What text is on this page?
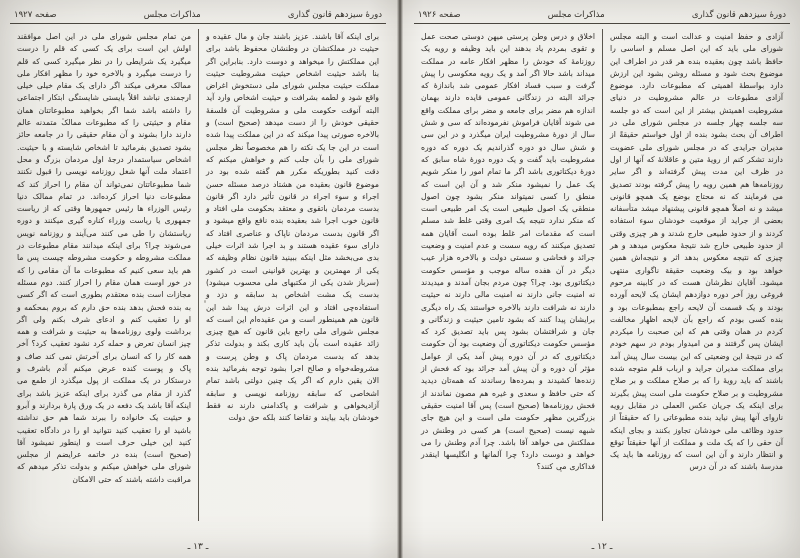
دورۀ سیزدهم قانون گذاری
مذاکرات مجلس
صفحه ۱۹۲۷
برای اینکه آقا باشند. عزیز باشند جان و مال عقیده و حیثیت در مملکتشان در وطنشان محفوظ باشد برای این مملکتش را میخواهد و دوست دارد. بنابراین اگر بنا باشد حیثیت اشخاص حیثیت مشروطیت حیثیت مملکت حیثیت مجلس شورای ملی دستخوش اغراض واقع شود و لطمه بشرافت و حیثیت اشخاص وارد آید البته آنوقت حکومت ملی و مشروطیت آن فلسفهٔ حقیقی خودش را از دست میدهد (صحیح است) و بالاخره صورتی پیدا میکند که در این مملکت پیدا شده است در این جا یک نکته را هم مخصوصاً نظر مجلس شورای ملی را بآن جلب کنم و خواهش میکنم که دقت کنید بطوریکه مکرر هم گفته شده بود در موضوع قانون بعقیده من هشتاد درصد مسئله حسن اجراء و سوء اجراء در قانون تأثیر دارد اگر قانون بدست مردمان باتقوی و معتقد بحکومت ملی افتاد و قانون خوب اجرا شد بعقیده بنده نافع واقع میشود و اگر قانون بدست مردمان ناپاک و عناصری افتاد که دارای سوء عقیده هستند و بد اجرا شد اثرات خیلی بدی می‌بخشد مثل اینکه ببینید قانون نظام وظیفه که یکی از مهمترین و بهترین قوانینی است در کشور (سرباز شدن یکی از مکتبهای ملی محسوب میشود) بدست یک مشت اشخاص بد سابقه و دزد و استفاده‌چی افتاد و این اثرات درش پیدا شد این قانون هم همینطور است و من عقیده‌ام این است که مجلس شورای ملی راجع باین قانون که هیچ چیزی زائد عقیده است بآن باید کاری بکند و بدولت تذکر بدهد که بدست مردمان پاک و وطن پرست و مشروطه‌خواه و صالح اجرا بشود توجه بفرمائید بنده الان یقین دارم که اگر یک چنین دولتی باشد تمام اشخاصی که سابقه روزنامه نویسی و سابقه آزادیخواهی و شرافت و پاکدامنی دارند نه فقط خودشان باید بیایند و تقاضا کنند بلکه حق دولت
من تمام مجلس شورای ملی در این اصل موافقند اولش این است برای یک کسی که قلم را درست میگیرد یک شرایطی را در نظر میگیرد کسی که قلم را درست میگیرد و بالاخره خود را مظهر افکار ملی ممالک معرفی میکند اگر دارای یک مقام خیلی خیلی ارجمندی نباشد اقلاً بایستی شایستگی ابتکار اجتماعی را داشته باشد شما اگر بخواهید مطبوعاتتان همان مقام و حیثیتی را که مطبوعات ممالک متمدنه عالم دارند دارا بشوند و آن مقام حقیقی را در جامعه حائز بشود تصدیق بفرمائید تا اشخاص شایسته و با حیثیت. اشخاص سیاستمدار درجهٔ اول مردمان بزرگ و محل اعتماد ملت آنها شغل روزنامه نویسی را قبول نکنند شما مطبوعاتتان نمی‌تواند آن مقام را احراز کند که مطبوعات دنیا احراز کرده‌اند. در تمام ممالک دنیا رئیس الوزراء ها رئیس جمهورها وقتی که از ریاست جمهوری یا ریاست وزراء کناره گیری میکنند و دوره ریاستشان را طی می کنند می‌آیند و روزنامه نویس می‌شوند چرا؟ برای اینکه میدانند مقام مطبوعات در مملکت مشروطه و حکومت مشروطه چیست پس ما هم باید سعی کنیم که مطبوعات ما آن مقامی را که در خور اوست همان مقام را احراز کنند. دوم مسئله مجازات است بنده معتقدم بطوری است که اگر کسی به بنده فحش بدهد بنده حق دارم که بروم بمحکمه و او را تعقیب کنم و ادعای شرف بکنم ولی اگر برداشت ولوی روزنامه‌ها به حیثیت و شرافت و همه چیز انسان تعرض و حمله کرد نشود تعقیب کرد؟ آخر همه کار را که انسان برای آخرتش نمی کند صاف و پاک و پوست کنده عرض میکنم آدم باشرف و درستکار در یک مملکت از پول میگذرد از طمع می گذرد از مقام می گذرد برای اینکه عزیز باشد برای اینکه آقا باشد یک دفعه در یک ورق پارهٔ بردارند و آبرو و حیثیت یک خانواده را ببرند شما هم حق نداشته باشید او را تعقیب کنید نتوانید او را در دادگاه تعقیب کنید این خیلی حرف است و اینطور نمیشود آقا (صحیح است) بنده در خاتمه عرایضم از مجلس شورای ملی خواهش میکنم و بدولت تذکر میدهم که مراقبت داشته باشند که حتی الامکان
ـ ۱۳ ـ
دورۀ سیزدهم قانون گذاری
مذاکرات مجلس
صفحه ۱۹۲۶
آزادی و حفظ امنیت و عدالت است و البته مجلس شورای ملی باید که این اصل مسلم و اساسی را حافظ باشد چون بعقیده بنده هر قدر در اطراف این موضوع بحث شود و مسئله روشن بشود این ارزش دارد بواسطهٔ اهمیتی که مطبوعات دارد. موضوع آزادی مطبوعات در عالم مشروطیت در دنیای مشروطیت اهمیتش بیشتر از این است که دو جلسه سه جلسه چهار جلسه در مجلس شورای ملی در اطراف آن بحث بشود بنده از اول خواستم حقیقةً از مدیران جرایدی که در مجلس شورای ملی عضویت دارند تشکر کنم از رویهٔ متین و عاقلانهٔ که آنها از اول در ظرف این مدت پیش گرفته‌اند و اگر سایر روزنامه‌ها هم همین رویه را پیش گرفته بودند تصدیق می فرمایند که نه محتاج بوضع یک همچو قانونی میشد و نه اصلاً همچو قانونی پیشنهاد میشد متأسفانه بعضی از جراید از موقعیت خودشان سوء استفاده کردند و از حدود طبیعی خارج شدند و هر چیزی وقتی از حدود طبیعی خارج شد نتیجهٔ معکوس میدهد و هر چیزی که نتیجه معکوس بدهد اثر و نتیجه‌اش همین خواهد بود و بیک وضعیت حقیقة ناگواری منتهی میشود. آقایان نظرشان هست که در کابینه مرحوم فروغی روز آخر دوره دوازدهم ایشان یک لایحه آورده بودند و یک قسمت آن لایحه راجع بمطبوعات بود و بنده کسی بودم که راجع بآن لایحه اظهار مخالفت کردم در همان وقتی هم که این صحبت را میکردم ایشان پس گرفتند و من امیدوار بودم در سهم خودم که در نتیجهٔ این وضعیتی که این بیست سال پیش آمد برای مملکت مدیران جراید و ارباب قلم متوجه شده باشند که باید رویهٔ را که بر صلاح مملکت و بر صلاح مشروطیت و بر صلاح حکومت ملی است پیش بگیرند برای اینکه یک جریان عکس العملی در مقابل رویه ناروای آنها پیش نیاید بنده مطبوعاتی را که حقیقتاً از حدود وظائف ملی خودشان تجاوز بکنند و بجای اینکه آن حقی را که یک ملت و مملکت از آنها حقیقتاً توقع و انتظار دارند و آن این است که روزنامه ها باید یک مدرسهٔ باشند که در آن درس
اخلاق و درس وطن پرستی میهن دوستی صحت عمل و تقوی بمردم یاد بدهند این باید وظیفه و رویه یک روزنامهٔ که خودش را مظهر افکار عامه در مملکت میداند باشد حالا اگر آمد و یک رویه معکوسی را پیش گرفت و سبب فساد افکار عمومی شد باندازهٔ که جرائد البته در زندگانی عمومی فایده دارند بهمان اندازه هم مضر برای جامعه و مضر برای مملکت واقع می شوند آقایان فراموش نفرموده‌اند که سی و شش سال از دورهٔ مشروطیت ایران میگذرد و در این سی و شش سال دو دوره گذراندیم یک دوره که دوره مشروطیت باید گفت و یک دوره دورهٔ شاه سابق که دورهٔ دیکتاتوری باشد اگر ما تمام امور را منکر شویم یک عمل را نمیشود منکر شد و آن این است که منطق را کسی نمیتواند منکر بشود چون اصول منطقی یک اصول طبیعی است یک امر طبیعی است که منکر ندارد نتیجه یک امری وقتی غلط شد مسلم است که مقدمات امر غلط بوده است آقایان همه تصدیق میکنند که رویه سست و عدم امنیت و وضعیت جرائد و فحاشی و سستی دولت و بالاخره هزار عیب دیگر در آن هفده ساله موجب و مؤسس حکومت دیکتاتوری بود. چرا؟ چون مردم بجان آمدند و میدیدند نه امنیت جانی دارند نه امنیت مالی دارند نه حیثیت دارند نه شرافت دارند بالاخره خواستند یک راه دیگری برایشان پیدا کنند که بشود تامین حیثیت و زندگانی و جان و شرافتشان بشود پس باید تصدیق کرد که مؤسس حکومت دیکتاتوری آن وضعیت بود آن حکومت دیکتاتوری که در آن دوره پیش آمد یکی از عوامل مؤثر آن دوره و آن پیش آمد جرائد بود که فحش از زنده‌ها کشیدند و بمرده‌ها رساندند که همه‌تان دیدید که حتی حافظ و سعدی و غیره هم مصون نماندند از فحش روزنامه‌ها (صحیح است) پس آقا امنیت حقیقی بزرگترین مظهر حکومت ملی است و این هیچ جای شبهه نیست (صحیح است) هر کسی در وطنش در مملکتش می خواهد آقا باشد. چرا آدم وطنش را می خواهد و دوست دارد؟ چرا آلمانها و انگلیسها اینقدر فداکاری می کنند؟
ـ ۱۲ ـ
